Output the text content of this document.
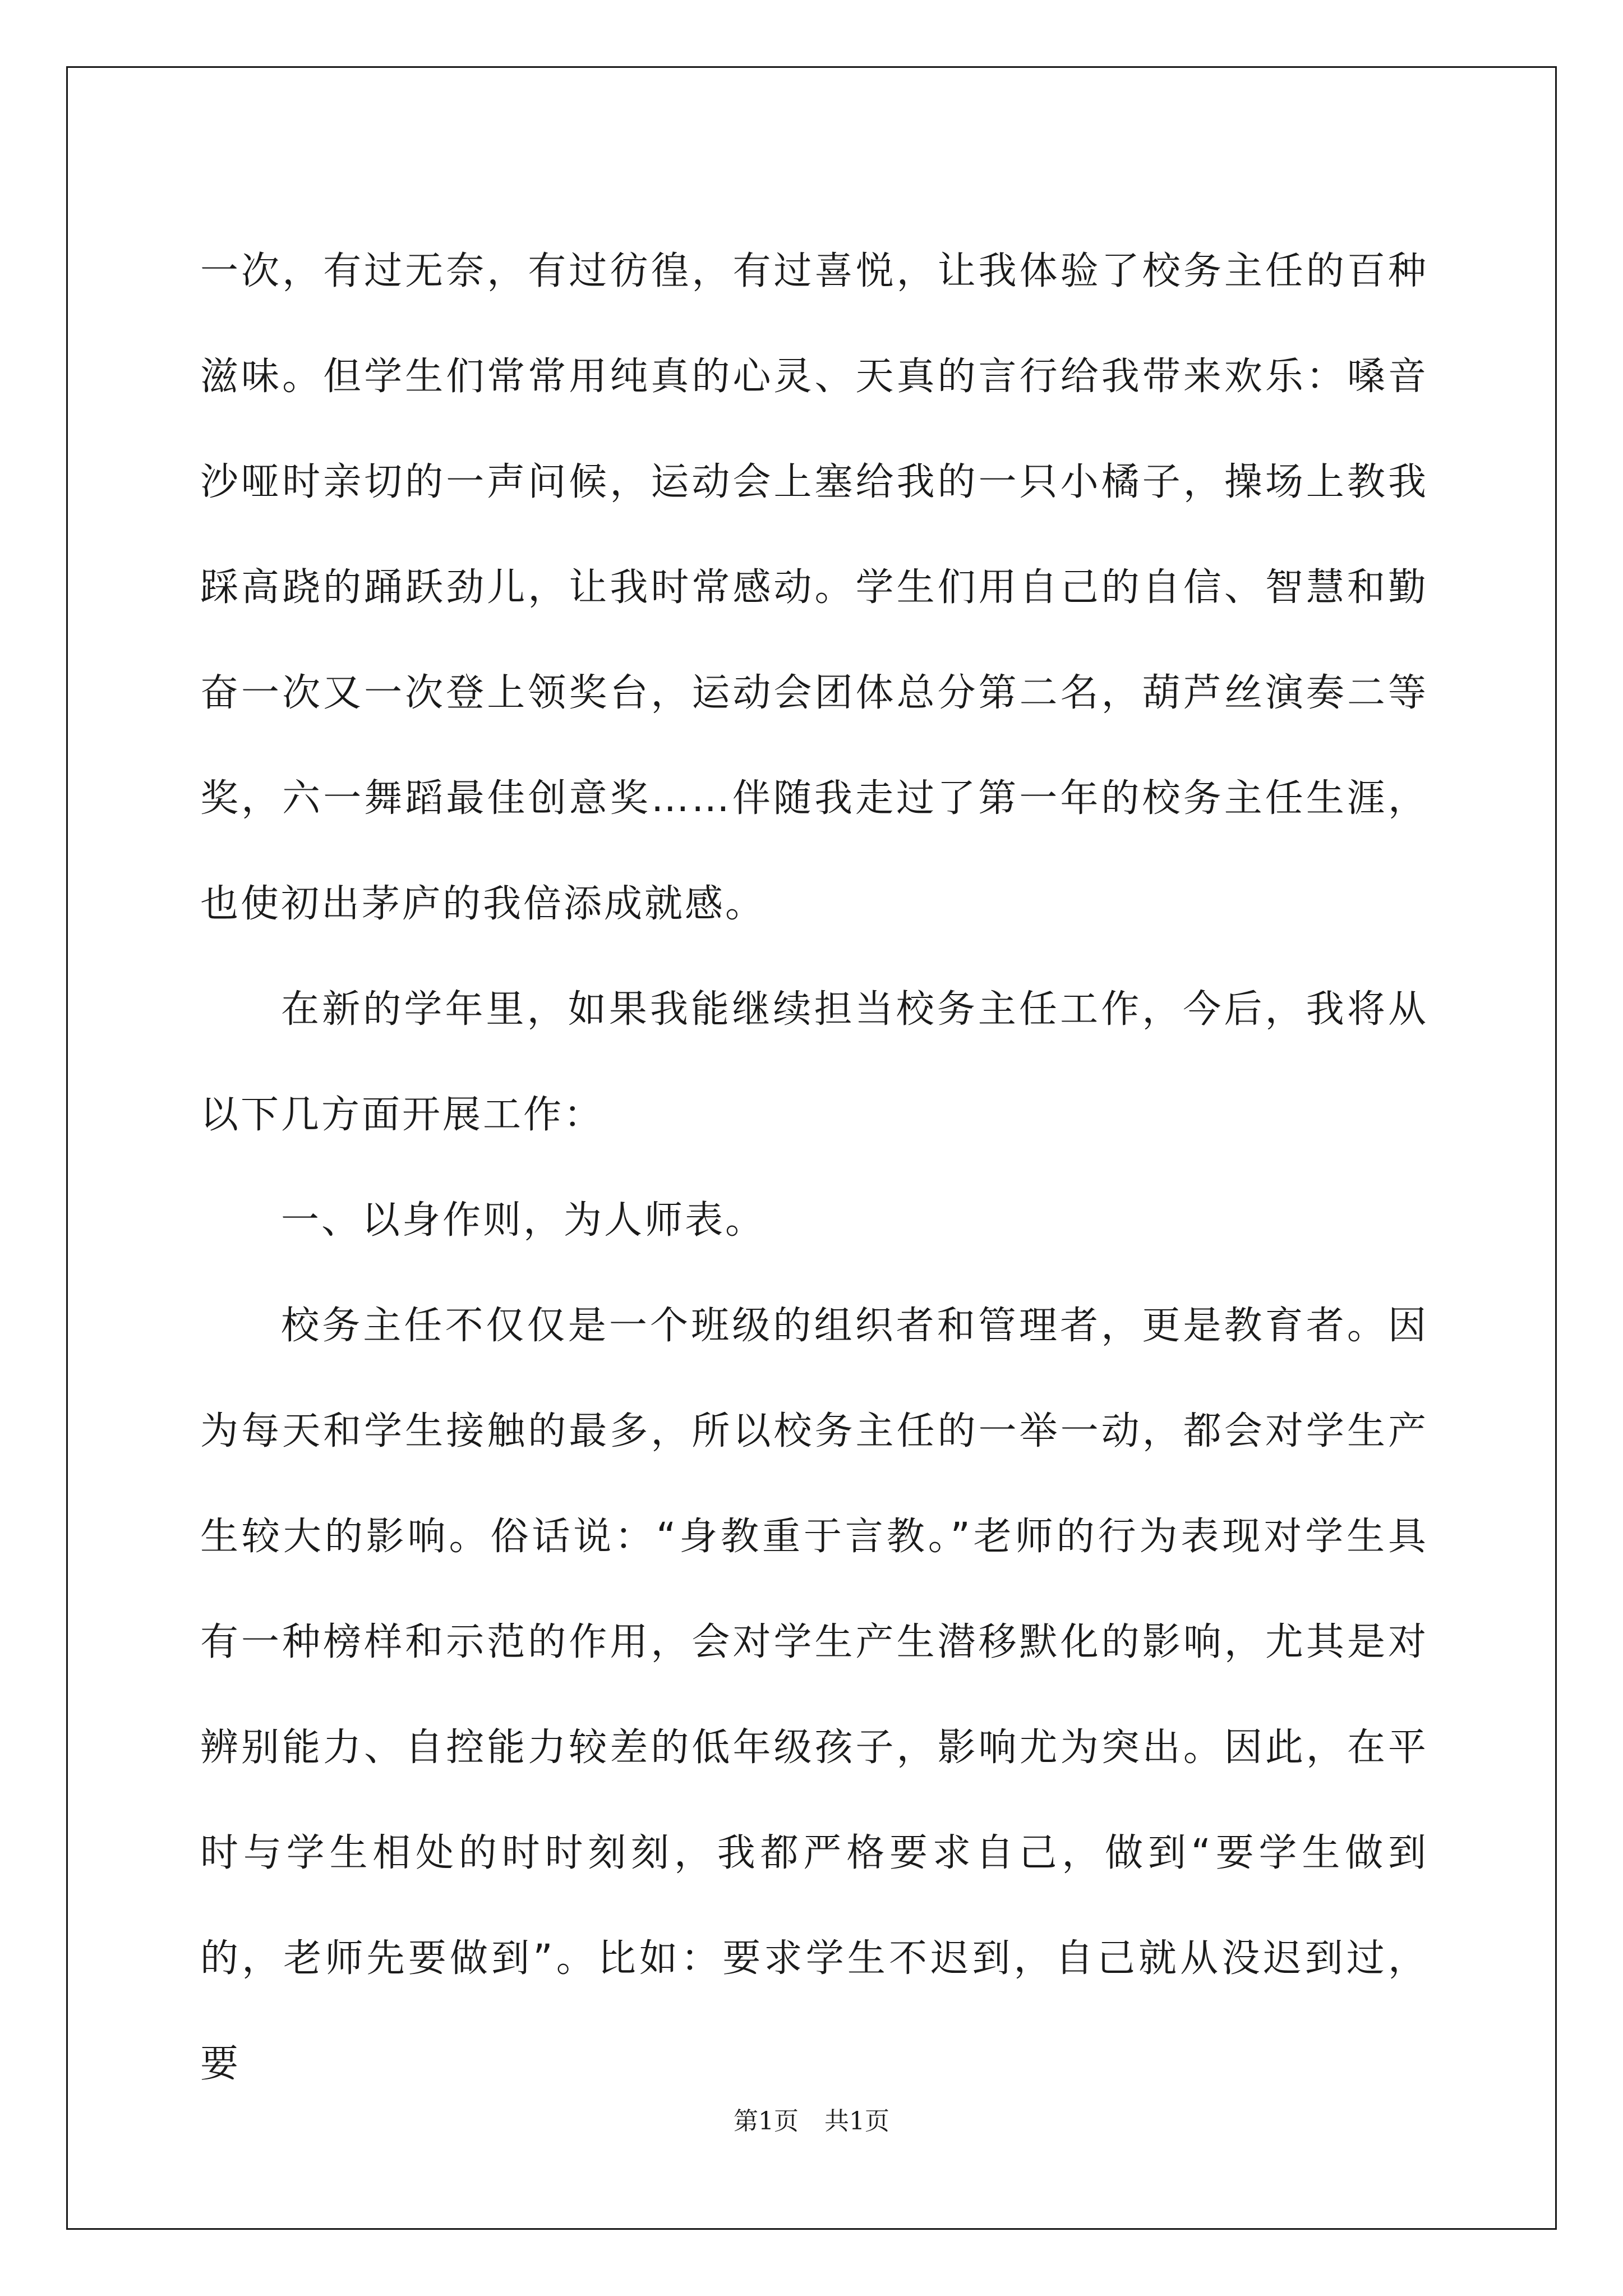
一次，有过无奈，有过彷徨，有过喜悦，让我体验了校务主任的百种滋味。但学生们常常用纯真的心灵、天真的言行给我带来欢乐：嗓音沙哑时亲切的一声问候，运动会上塞给我的一只小橘子，操场上教我踩高跷的踊跃劲儿，让我时常感动。学生们用自己的自信、智慧和勤奋一次又一次登上领奖台，运动会团体总分第二名，葫芦丝演奏二等奖，六一舞蹈最佳创意奖……伴随我走过了第一年的校务主任生涯，也使初出茅庐的我倍添成就感。

在新的学年里，如果我能继续担当校务主任工作，今后，我将从以下几方面开展工作：

一、以身作则，为人师表。

校务主任不仅仅是一个班级的组织者和管理者，更是教育者。因为每天和学生接触的最多，所以校务主任的一举一动，都会对学生产生较大的影响。俗话说：“身教重于言教。”老师的行为表现对学生具有一种榜样和示范的作用，会对学生产生潜移默化的影响，尤其是对辨别能力、自控能力较差的低年级孩子，影响尤为突出。因此，在平时与学生相处的时时刻刻，我都严格要求自己，做到“要学生做到的，老师先要做到”。比如：要求学生不迟到，自己就从没迟到过，要

第1页 共1页
